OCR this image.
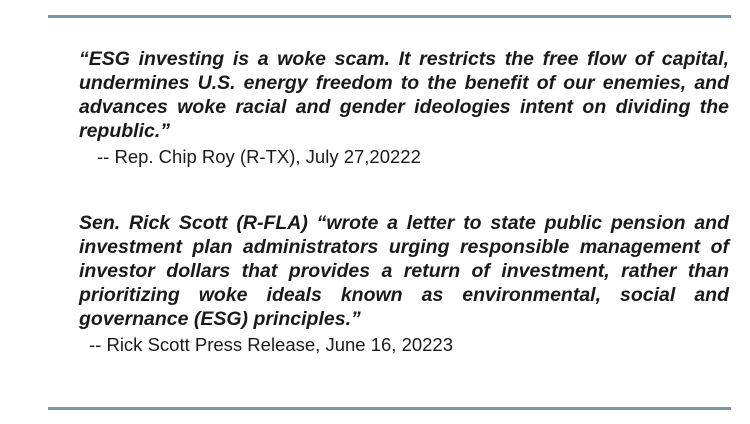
“ESG investing is a woke scam. It restricts the free flow of capital, undermines U.S. energy freedom to the benefit of our enemies, and advances woke racial and gender ideologies intent on dividing the republic.”

-- Rep. Chip Roy (R-TX), July 27,20222

Sen. Rick Scott (R-FLA) “wrote a letter to state public pension and investment plan administrators urging responsible management of investor dollars that provides a return of investment, rather than prioritizing woke ideals known as environmental, social and governance (ESG) principles.”

-- Rick Scott Press Release, June 16, 20223
